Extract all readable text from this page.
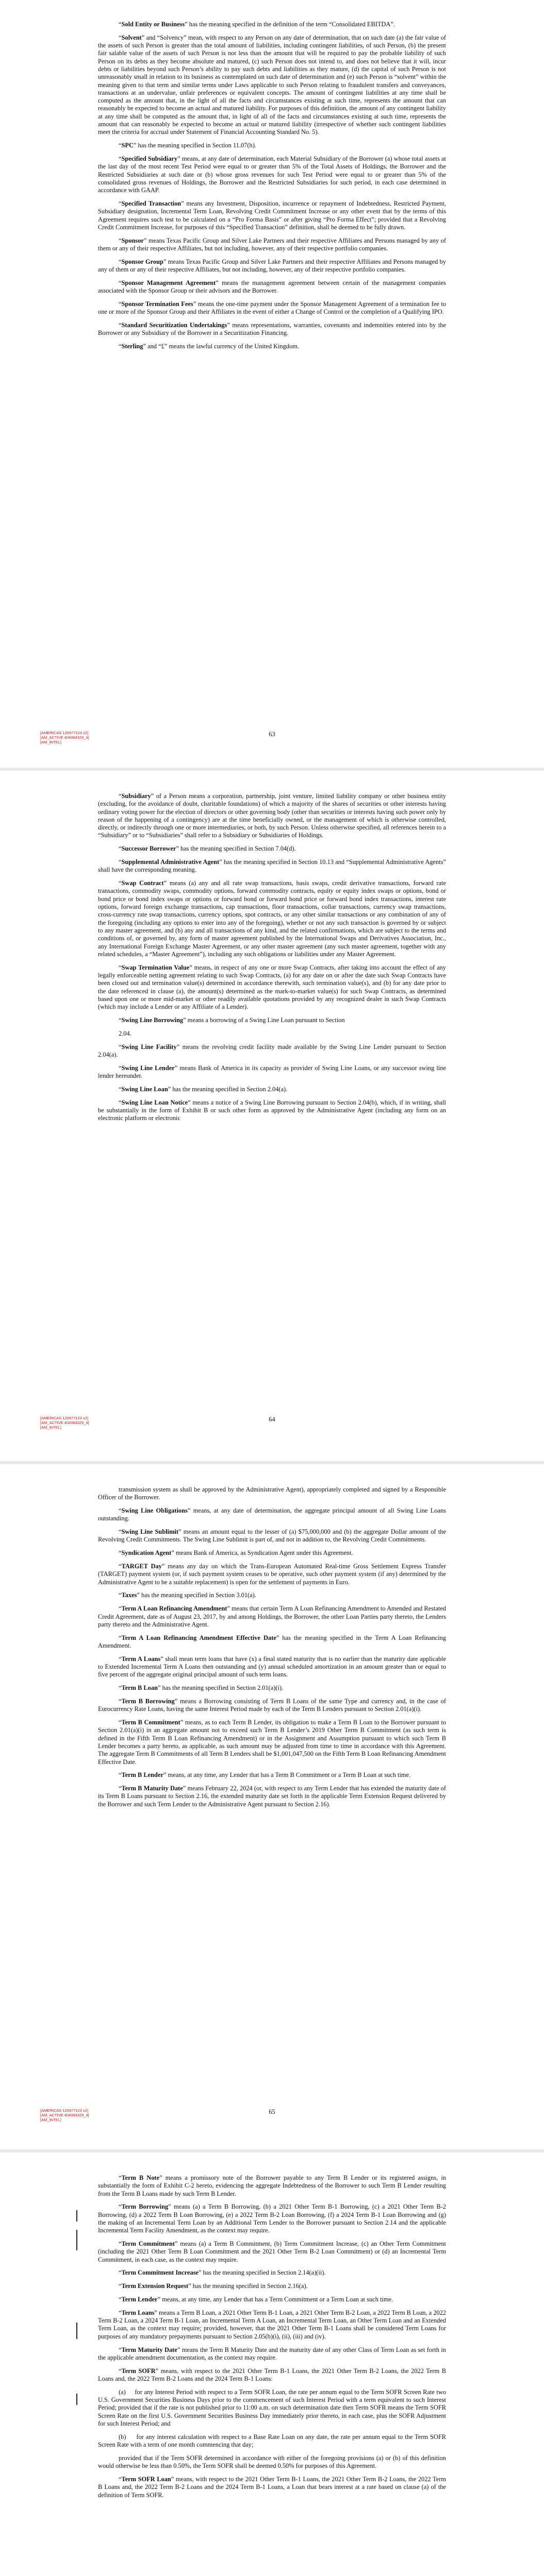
“Sold Entity or Business” has the meaning specified in the definition of the term “Consolidated EBITDA”.

“Solvent” and “Solvency” mean, with respect to any Person on any date of determination, that on such date (a) the fair value of the assets of such Person is greater than the total amount of liabilities, including contingent liabilities, of such Person, (b) the present fair salable value of the assets of such Person is not less than the amount that will be required to pay the probable liability of such Person on its debts as they become absolute and matured, (c) such Person does not intend to, and does not believe that it will, incur debts or liabilities beyond such Person’s ability to pay such debts and liabilities as they mature, (d) the capital of such Person is not unreasonably small in relation to its business as contemplated on such date of determination and (e) such Person is “solvent” within the meaning given to that term and similar terms under Laws applicable to such Person relating to fraudulent transfers and conveyances, transactions at an undervalue, unfair preferences or equivalent concepts. The amount of contingent liabilities at any time shall be computed as the amount that, in the light of all the facts and circumstances existing at such time, represents the amount that can reasonably be expected to become an actual and matured liability. For purposes of this definition, the amount of any contingent liability at any time shall be computed as the amount that, in light of all of the facts and circumstances existing at such time, represents the amount that can reasonably be expected to become an actual or matured liability (irrespective of whether such contingent liabilities meet the criteria for accrual under Statement of Financial Accounting Standard No. 5).

“SPC” has the meaning specified in Section 11.07(h).

“Specified Subsidiary” means, at any date of determination, each Material Subsidiary of the Borrower (a) whose total assets at the last day of the most recent Test Period were equal to or greater than 5% of the Total Assets of Holdings, the Borrower and the Restricted Subsidiaries at such date or (b) whose gross revenues for such Test Period were equal to or greater than 5% of the consolidated gross revenues of Holdings, the Borrower and the Restricted Subsidiaries for such period, in each case determined in accordance with GAAP.

“Specified Transaction” means any Investment, Disposition, incurrence or repayment of Indebtedness, Restricted Payment, Subsidiary designation, Incremental Term Loan, Revolving Credit Commitment Increase or any other event that by the terms of this Agreement requires such test to be calculated on a “Pro Forma Basis” or after giving “Pro Forma Effect”; provided that a Revolving Credit Commitment Increase, for purposes of this “Specified Transaction” definition, shall be deemed to be fully drawn.

“Sponsor” means Texas Pacific Group and Silver Lake Partners and their respective Affiliates and Persons managed by any of them or any of their respective Affiliates, but not including, however, any of their respective portfolio companies.

“Sponsor Group” means Texas Pacific Group and Silver Lake Partners and their respective Affiliates and Persons managed by any of them or any of their respective Affiliates, but not including, however, any of their respective portfolio companies.

“Sponsor Management Agreement” means the management agreement between certain of the management companies associated with the Sponsor Group or their advisors and the Borrower.

“Sponsor Termination Fees” means the one-time payment under the Sponsor Management Agreement of a termination fee to one or more of the Sponsor Group and their Affiliates in the event of either a Change of Control or the completion of a Qualifying IPO.

“Standard Securitization Undertakings” means representations, warranties, covenants and indemnities entered into by the Borrower or any Subsidiary of the Borrower in a Securitization Financing.

“Sterling” and “£” means the lawful currency of the United Kingdom.

[AMERICAS 120977123 v2]
[AM_ACTIVE 404064329_4]
[AM_INTEL]
63

“Subsidiary” of a Person means a corporation, partnership, joint venture, limited liability company or other business entity (excluding, for the avoidance of doubt, charitable foundations) of which a majority of the shares of securities or other interests having ordinary voting power for the election of directors or other governing body (other than securities or interests having such power only by reason of the happening of a contingency) are at the time beneficially owned, or the management of which is otherwise controlled, directly, or indirectly through one or more intermediaries, or both, by such Person. Unless otherwise specified, all references herein to a “Subsidiary” or to “Subsidiaries” shall refer to a Subsidiary or Subsidiaries of Holdings.

“Successor Borrower” has the meaning specified in Section 7.04(d).

“Supplemental Administrative Agent” has the meaning specified in Section 10.13 and “Supplemental Administrative Agents” shall have the corresponding meaning.

“Swap Contract” means (a) any and all rate swap transactions, basis swaps, credit derivative transactions, forward rate transactions, commodity swaps, commodity options, forward commodity contracts, equity or equity index swaps or options, bond or bond price or bond index swaps or options or forward bond or forward bond price or forward bond index transactions, interest rate options, forward foreign exchange transactions, cap transactions, floor transactions, collar transactions, currency swap transactions, cross-currency rate swap transactions, currency options, spot contracts, or any other similar transactions or any combination of any of the foregoing (including any options to enter into any of the foregoing), whether or not any such transaction is governed by or subject to any master agreement, and (b) any and all transactions of any kind, and the related confirmations, which are subject to the terms and conditions of, or governed by, any form of master agreement published by the International Swaps and Derivatives Association, Inc., any International Foreign Exchange Master Agreement, or any other master agreement (any such master agreement, together with any related schedules, a “Master Agreement”), including any such obligations or liabilities under any Master Agreement.

“Swap Termination Value” means, in respect of any one or more Swap Contracts, after taking into account the effect of any legally enforceable netting agreement relating to such Swap Contracts, (a) for any date on or after the date such Swap Contracts have been closed out and termination value(s) determined in accordance therewith, such termination value(s), and (b) for any date prior to the date referenced in clause (a), the amount(s) determined as the mark-to-market value(s) for such Swap Contracts, as determined based upon one or more mid-market or other readily available quotations provided by any recognized dealer in such Swap Contracts (which may include a Lender or any Affiliate of a Lender).

“Swing Line Borrowing” means a borrowing of a Swing Line Loan pursuant to Section

2.04.

“Swing Line Facility” means the revolving credit facility made available by the Swing Line Lender pursuant to Section 2.04(a).

“Swing Line Lender” means Bank of America in its capacity as provider of Swing Line Loans, or any successor swing line lender hereunder.

“Swing Line Loan” has the meaning specified in Section 2.04(a).

“Swing Line Loan Notice” means a notice of a Swing Line Borrowing pursuant to Section 2.04(b), which, if in writing, shall be substantially in the form of Exhibit B or such other form as approved by the Administrative Agent (including any form on an electronic platform or electronic

[AMERICAS 120977123 v2]
[AM_ACTIVE 404064329_4]
[AM_INTEL]
64

transmission system as shall be approved by the Administrative Agent), appropriately completed and signed by a Responsible Officer of the Borrower.

“Swing Line Obligations” means, at any date of determination, the aggregate principal amount of all Swing Line Loans outstanding.

“Swing Line Sublimit” means an amount equal to the lesser of (a) $75,000,000 and (b) the aggregate Dollar amount of the Revolving Credit Commitments. The Swing Line Sublimit is part of, and not in addition to, the Revolving Credit Commitments.

“Syndication Agent” means Bank of America, as Syndication Agent under this Agreement.

“TARGET Day” means any day on which the Trans-European Automated Real-time Gross Settlement Express Transfer (TARGET) payment system (or, if such payment system ceases to be operative, such other payment system (if any) determined by the Administrative Agent to be a suitable replacement) is open for the settlement of payments in Euro.

“Taxes” has the meaning specified in Section 3.01(a).

“Term A Loan Refinancing Amendment” means that certain Term A Loan Refinancing Amendment to Amended and Restated Credit Agreement, date as of August 23, 2017, by and among Holdings, the Borrower, the other Loan Parties party thereto, the Lenders party thereto and the Administrative Agent.

“Term A Loan Refinancing Amendment Effective Date” has the meaning specified in the Term A Loan Refinancing Amendment.

“Term A Loans” shall mean term loans that have (x) a final stated maturity that is no earlier than the maturity date applicable to Extended Incremental Term A Loans then outstanding and (y) annual scheduled amortization in an amount greater than or equal to five percent of the aggregate original principal amount of such term loans.

“Term B Loan” has the meaning specified in Section 2.01(a)(i).

“Term B Borrowing” means a Borrowing consisting of Term B Loans of the same Type and currency and, in the case of Eurocurrency Rate Loans, having the same Interest Period made by each of the Term B Lenders pursuant to Section 2.01(a)(i).

“Term B Commitment” means, as to each Term B Lender, its obligation to make a Term B Loan to the Borrower pursuant to Section 2.01(a)(i) in an aggregate amount not to exceed such Term B Lender’s 2019 Other Term B Commitment (as such term is defined in the Fifth Term B Loan Refinancing Amendment) or in the Assignment and Assumption pursuant to which such Term B Lender becomes a party hereto, as applicable, as such amount may be adjusted from time to time in accordance with this Agreement. The aggregate Term B Commitments of all Term B Lenders shall be $1,001,047,500 on the Fifth Term B Loan Refinancing Amendment Effective Date.

“Term B Lender” means, at any time, any Lender that has a Term B Commitment or a Term B Loan at such time.

“Term B Maturity Date” means February 22, 2024 (or, with respect to any Term Lender that has extended the maturity date of its Term B Loans pursuant to Section 2.16, the extended maturity date set forth in the applicable Term Extension Request delivered by the Borrower and such Term Lender to the Administrative Agent pursuant to Section 2.16).

[AMERICAS 120977123 v2]
[AM_ACTIVE 404064329_4]
[AM_INTEL]
65

“Term B Note” means a promissory note of the Borrower payable to any Term B Lender or its registered assigns, in substantially the form of Exhibit C-2 hereto, evidencing the aggregate Indebtedness of the Borrower to such Term B Lender resulting from the Term B Loans made by such Term B Lender.

“Term Borrowing” means (a) a Term B Borrowing, (b) a 2021 Other Term B-1 Borrowing, (c) a 2021 Other Term B-2 Borrowing, (d) a 2022 Term B Loan Borrowing, (e) a 2022 Term B-2 Loan Borrowing, (f) a 2024 Term B-1 Loan Borrowing and (g) the making of an Incremental Term Loan by an Additional Term Lender to the Borrower pursuant to Section 2.14 and the applicable Incremental Term Facility Amendment, as the context may require.

“Term Commitment” means (a) a Term B Commitment, (b) Term Commitment Increase, (c) an Other Term Commitment (including the 2021 Other Term B Loan Commitment and the 2021 Other Term B-2 Loan Commitment) or (d) an Incremental Term Commitment, in each case, as the context may require.

“Term Commitment Increase” has the meaning specified in Section 2.14(a)(ii).

“Term Extension Request” has the meaning specified in Section 2.16(a).

“Term Lender” means, at any time, any Lender that has a Term Commitment or a Term Loan at such time.

“Term Loans” means a Term B Loan, a 2021 Other Term B-1 Loan, a 2021 Other Term B-2 Loan, a 2022 Term B Loan, a 2022 Term B-2 Loan, a 2024 Term B-1 Loan, an Incremental Term A Loan, an Incremental Term Loan, an Other Term Loan and an Extended Term Loan, as the context may require; provided, however, that the 2021 Other Term B-1 Loans shall be considered Term Loans for purposes of any mandatory prepayments pursuant to Section 2.05(b)(i), (ii), (iii) and (iv).

“Term Maturity Date” means the Term B Maturity Date and the maturity date of any other Class of Term Loan as set forth in the applicable amendment documentation, as the context may require.

“Term SOFR” means, with respect to the 2021 Other Term B-1 Loans, the 2021 Other Term B-2 Loans, the 2022 Term B Loans and, the 2022 Term B-2 Loans and the 2024 Term B-1 Loans:

(a)     for any Interest Period with respect to a Term SOFR Loan, the rate per annum equal to the Term SOFR Screen Rate two U.S. Government Securities Business Days prior to the commencement of such Interest Period with a term equivalent to such Interest Period; provided that if the rate is not published prior to 11:00 a.m. on such determination date then Term SOFR means the Term SOFR Screen Rate on the first U.S. Government Securities Business Day immediately prior thereto, in each case, plus the SOFR Adjustment for such Interest Period; and

(b)     for any interest calculation with respect to a Base Rate Loan on any date, the rate per annum equal to the Term SOFR Screen Rate with a term of one month commencing that day;

provided that if the Term SOFR determined in accordance with either of the foregoing provisions (a) or (b) of this definition would otherwise be less than 0.50%, the Term SOFR shall be deemed 0.50% for purposes of this Agreement.

“Term SOFR Loan” means, with respect to the 2021 Other Term B-1 Loans, the 2021 Other Term B-2 Loans, the 2022 Term B Loans and, the 2022 Term B-2 Loans and the 2024 Term B-1 Loans, a Loan that bears interest at a rate based on clause (a) of the definition of Term SOFR.
